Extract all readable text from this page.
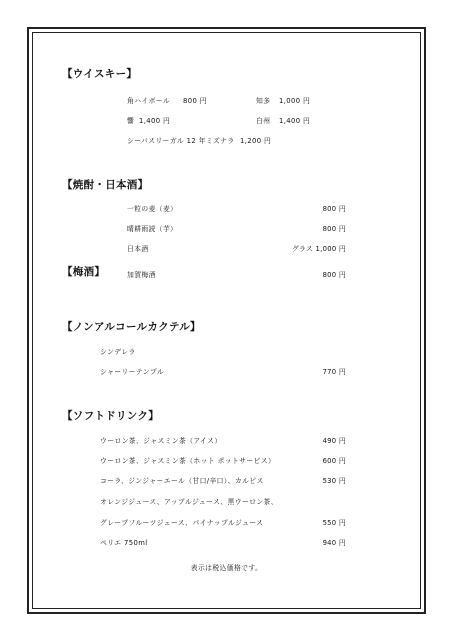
【ウイスキー】
角ハイボール 800 円	知多 1,000 円
響 1,400 円	白州 1,400 円
シーバスリーガル 12 年ミズナラ 1,200 円
【焼酎・日本酒】
一粒の麦（麦）	800 円
晴耕雨読（芋）	800 円
日本酒	グラス 1,000 円
【梅酒】	加賀梅酒	800 円
【ノンアルコールカクテル】
シンデレラ
シャーリーテンプル	770 円
【ソフトドリンク】
ウーロン茶、ジャスミン茶（アイス）	490 円
ウーロン茶、ジャスミン茶（ホット ポットサービス）	600 円
コーラ、ジンジャーエール（甘口/辛口）、カルピス	530 円
オレンジジュース、アップルジュース、黒ウーロン茶、
グレープフルーツジュース、パイナップルジュース	550 円
ペリエ 750ml	940 円
表示は税込価格です。
